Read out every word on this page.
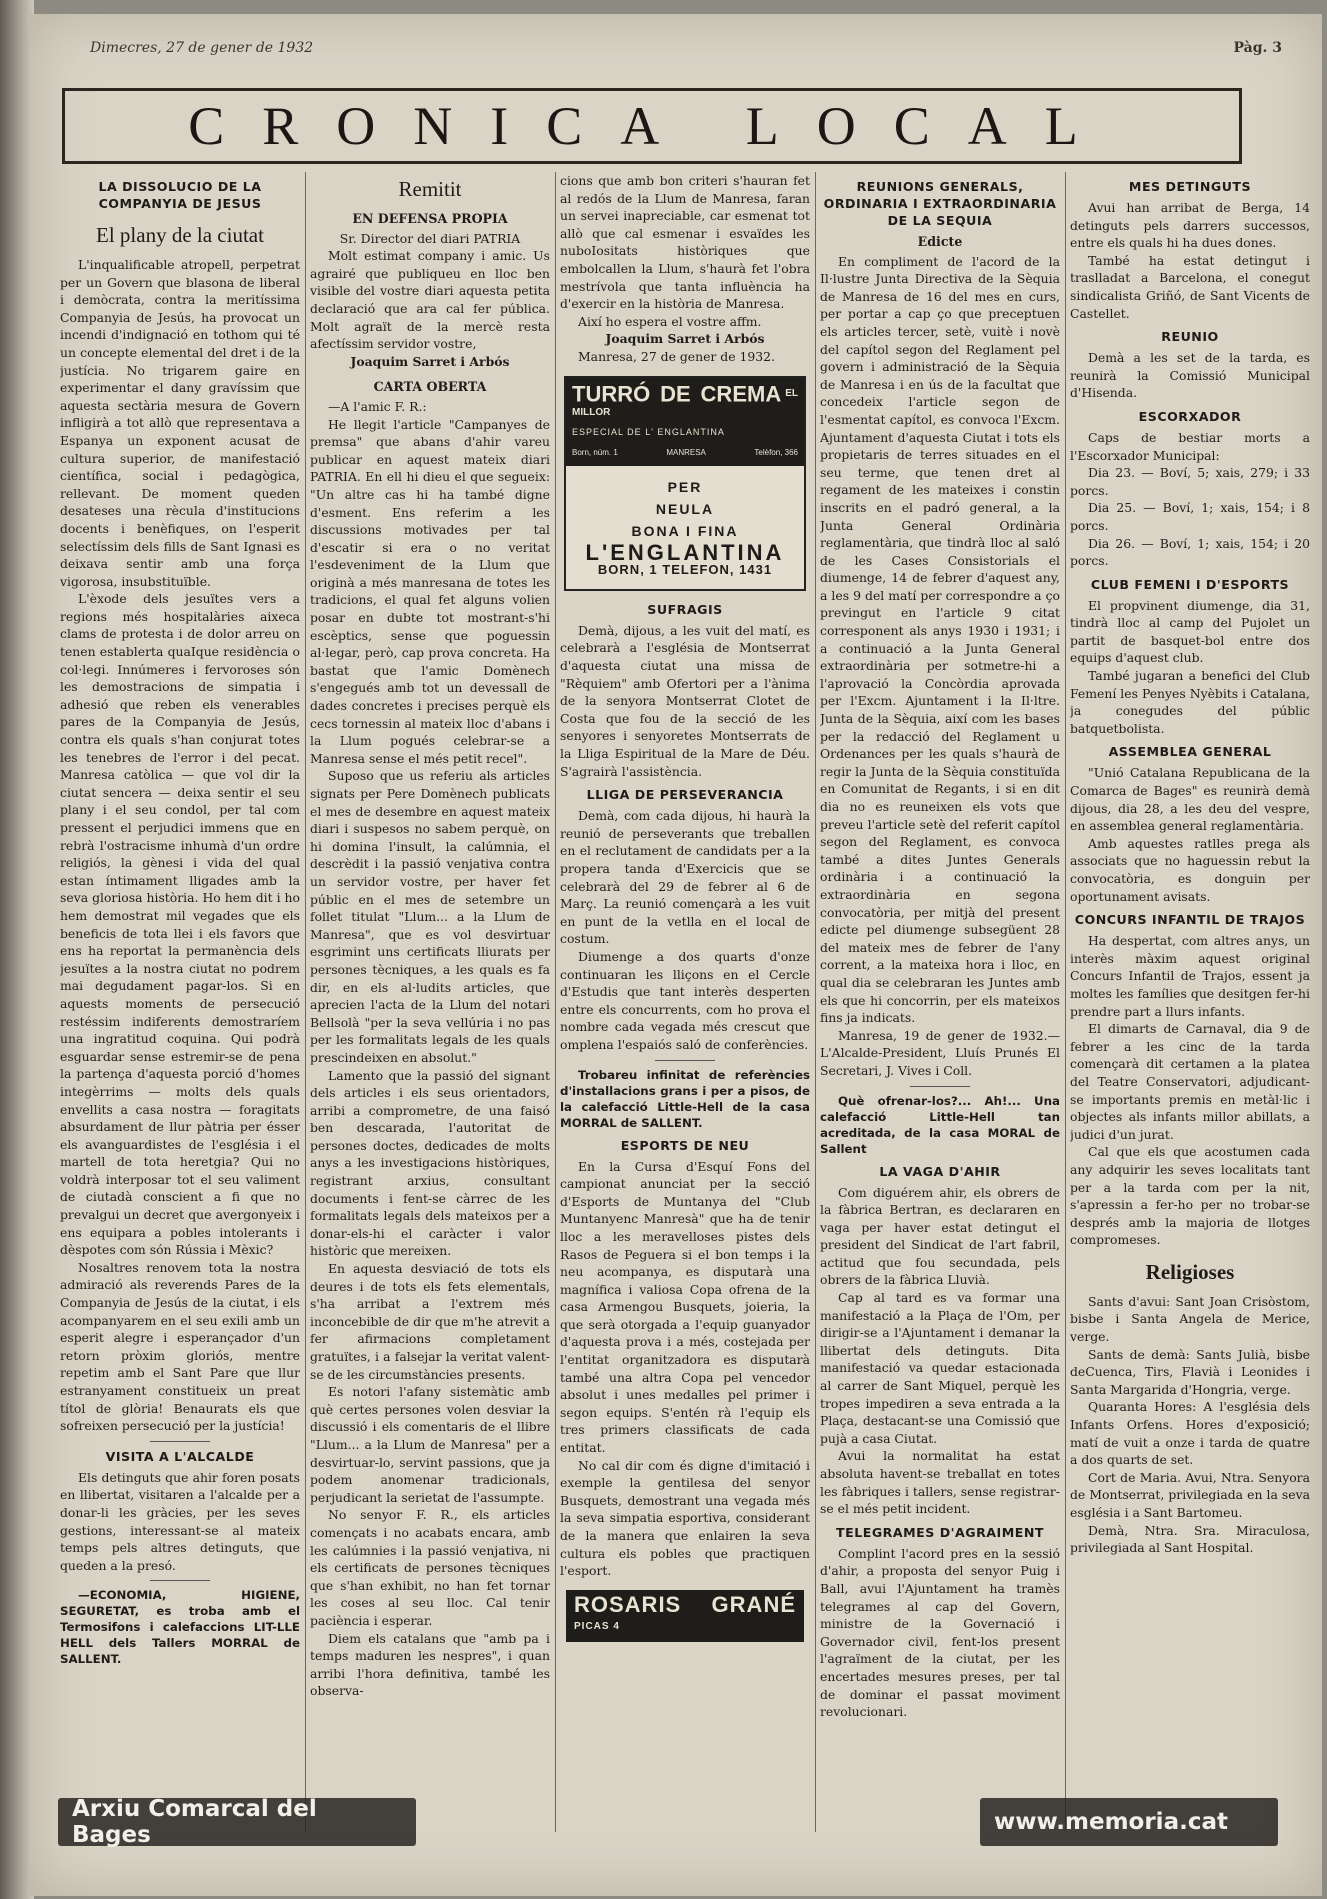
Dimecres, 27 de gener de 1932	Pàg. 3
CRONICA LOCAL
LA DISSOLUCIO DE LA COMPANYIA DE JESUS
El plany de la ciutat

L'inqualificable atropell, perpetrat per un Govern que blasona de liberal i demòcrata, contra la meritíssima Companyia de Jesús, ha provocat un incendi d'indignació en tothom qui té un concepte elemental del dret i de la justícia. No trigarem gaire en experimentar el dany gravíssim que aquesta sectària mesura de Govern infligirà a tot allò que representava a Espanya un exponent acusat de cultura superior, de manifestació científica, social i pedagògica, rellevant. De moment queden desateses una rècula d'institucions docents i benèfiques, on l'esperit selectíssim dels fills de Sant Ignasi es deixava sentir amb una força vigorosa, insubstituïble.

L'èxode dels jesuïtes vers a regions més hospitalàries aixeca clams de protesta i de dolor arreu on tenen establerta quaIque residència o col·legi. Innúmeres i fervoroses són les demostracions de simpatia i adhesió que reben els venerables pares de la Companyia de Jesús, contra els quals s'han conjurat totes les tenebres de l'error i del pecat. Manresa catòlica — que vol dir la ciutat sencera — deixa sentir el seu plany i el seu condol, per tal com pressent el perjudici immens que en rebrà l'ostracisme inhumà d'un ordre religiós, la gènesi i vida del qual estan íntimament lligades amb la seva gloriosa història. Ho hem dit i ho hem demostrat mil vegades que els beneficis de tota llei i els favors que ens ha reportat la permanència dels jesuïtes a la nostra ciutat no podrem mai degudament pagar-los. Si en aquests moments de persecució restéssim indiferents demostraríem una ingratitud coquina. Qui podrà esguardar sense estremir-se de pena la partença d'aquesta porció d'homes integèrrims — molts dels quals envellits a casa nostra — foragitats absurdament de llur pàtria per ésser els avanguardistes de l'església i el martell de tota heretgia? Qui no voldrà interposar tot el seu valiment de ciutadà conscient a fi que no prevalgui un decret que avergonyeix i ens equipara a pobles intolerants i dèspotes com són Rússia i Mèxic?

Nosaltres renovem tota la nostra admiració als reverends Pares de la Companyia de Jesús de la ciutat, i els acompanyarem en el seu exili amb un esperit alegre i esperançador d'un retorn pròxim gloriós, mentre repetim amb el Sant Pare que llur estranyament constitueix un preat títol de glòria! Benaurats els que sofreixen persecució per la justícia!

VISITA A L'ALCALDE

Els detinguts que ahir foren posats en llibertat, visitaren a l'alcalde per a donar-li les gràcies, per les seves gestions, interessant-se al mateix temps pels altres detinguts, que queden a la presó.

—ECONOMIA, HIGIENE, SEGURETAT, es troba amb el Termosifons i calefaccions LIT-LLE HELL dels Tallers MORRAL de SALLENT.

Remitit
EN DEFENSA PROPIA
Sr. Director del diari PATRIA

Molt estimat company i amic. Us agrairé que publiqueu en lloc ben visible del vostre diari aquesta petita declaració que ara cal fer pública. Molt agraït de la mercè resta afectíssim servidor vostre,

Joaquim Sarret i Arbós
CARTA OBERTA

—A l'amic F. R.:

He llegit l'article "Campanyes de premsa" que abans d'ahir vareu publicar en aquest mateix diari PATRIA. En ell hi dieu el que segueix: "Un altre cas hi ha també digne d'esment. Ens referim a les discussions motivades per tal d'escatir si era o no veritat l'esdeveniment de la Llum que originà a més manresana de totes les tradicions, el qual fet alguns volien posar en dubte tot mostrant-s'hi escèptics, sense que poguessin al·legar, però, cap prova concreta. Ha bastat que l'amic Domènech s'engegués amb tot un devessall de dades concretes i precises perquè els cecs tornessin al mateix lloc d'abans i la Llum pogués celebrar-se a Manresa sense el més petit recel".

Suposo que us referiu als articles signats per Pere Domènech publicats el mes de desembre en aquest mateix diari i suspesos no sabem perquè, on hi domina l'insult, la calúmnia, el descrèdit i la passió venjativa contra un servidor vostre, per haver fet públic en el mes de setembre un follet titulat "Llum... a la Llum de Manresa", que es vol desvirtuar esgrimint uns certificats lliurats per persones tècniques, a les quals es fa dir, en els al·ludits articles, que aprecien l'acta de la Llum del notari Bellsolà "per la seva vellúria i no pas per les formalitats legals de les quals prescindeixen en absolut."

Lamento que la passió del signant dels articles i els seus orientadors, arribi a comprometre, de una faisó ben descarada, l'autoritat de persones doctes, dedicades de molts anys a les investigacions històriques, registrant arxius, consultant documents i fent-se càrrec de les formalitats legals dels mateixos per a donar-els-hi el caràcter i valor històric que mereixen.

En aquesta desviació de tots els deures i de tots els fets elementals, s'ha arribat a l'extrem més inconcebible de dir que m'he atrevit a fer afirmacions completament gratuïtes, i a falsejar la veritat valent-se de les circumstàncies presents.

Es notori l'afany sistemàtic amb què certes persones volen desviar la discussió i els comentaris de el llibre "Llum... a la Llum de Manresa" per a desvirtuar-lo, servint passions, que ja podem anomenar tradicionals, perjudicant la serietat de l'assumpte.

No senyor F. R., els articles començats i no acabats encara, amb les calúmnies i la passió venjativa, ni els certificats de persones tècniques que s'han exhibit, no han fet tornar les coses al seu lloc. Cal tenir paciència i esperar.

Diem els catalans que "amb pa i temps maduren les nespres", i quan arribi l'hora definitiva, també les observa-

cions que amb bon criteri s'hauran fet al redós de la Llum de Manresa, faran un servei inapreciable, car esmenat tot allò que cal esmenar i esvaïdes les nuboIositats històriques que embolcallen la Llum, s'haurà fet l'obra mestrívola que tanta influència ha d'exercir en la història de Manresa.

Així ho espera el vostre affm.

Joaquim Sarret i Arbós

Manresa, 27 de gener de 1932.

TURRÓ DE CREMA EL MILLOR
ESPECIAL DE L' ENGLANTINA
Born, núm. 1	MANRESA	Telèfon, 366
PER
NEULA
BONA I FINA
L'ENGLANTINA
BORN, 1 TELEFON, 1431
SUFRAGIS

Demà, dijous, a les vuit del matí, es celebrarà a l'església de Montserrat d'aquesta ciutat una missa de "Rèquiem" amb Ofertori per a l'ànima de la senyora Montserrat Clotet de Costa que fou de la secció de les senyores i senyoretes Montserrats de la Lliga Espiritual de la Mare de Déu. S'agrairà l'assistència.

LLIGA DE PERSEVERANCIA

Demà, com cada dijous, hi haurà la reunió de perseverants que treballen en el reclutament de candidats per a la propera tanda d'Exercicis que se celebrarà del 29 de febrer al 6 de Març. La reunió començarà a les vuit en punt de la vetlla en el local de costum.

Diumenge a dos quarts d'onze continuaran les lliçons en el Cercle d'Estudis que tant interès desperten entre els concurrents, com ho prova el nombre cada vegada més crescut que omplena l'espaiós saló de conferències.

Trobareu infinitat de referències d'installacions grans i per a pisos, de la calefacció Little-Hell de la casa MORRAL de SALLENT.

ESPORTS DE NEU

En la Cursa d'Esquí Fons del campionat anunciat per la secció d'Esports de Muntanya del "Club Muntanyenc Manresà" que ha de tenir lloc a les meravelloses pistes dels Rasos de Peguera si el bon temps i la neu acompanya, es disputarà una magnífica i valiosa Copa ofrena de la casa Armengou Busquets, joieria, la que serà otorgada a l'equip guanyador d'aquesta prova i a més, costejada per l'entitat organitzadora es disputarà també una altra Copa pel vencedor absolut i unes medalles pel primer i segon equips. S'entén rà l'equip els tres primers classificats de cada entitat.

No cal dir com és digne d'imitació i exemple la gentilesa del senyor Busquets, demostrant una vegada més la seva simpatia esportiva, considerant de la manera que enlairen la seva cultura els pobles que practiquen l'esport.

ROSARIS GRANÉ PICAS 4
REUNIONS GENERALS, ORDINARIA I EXTRAORDINARIA DE LA SEQUIA
Edicte

En compliment de l'acord de la Il·lustre Junta Directiva de la Sèquia de Manresa de 16 del mes en curs, per portar a cap ço que preceptuen els articles tercer, setè, vuitè i novè del capítol segon del Reglament pel govern i administració de la Sèquia de Manresa i en ús de la facultat que concedeix l'article segon de l'esmentat capítol, es convoca l'Excm. Ajuntament d'aquesta Ciutat i tots els propietaris de terres situades en el seu terme, que tenen dret al regament de les mateixes i constin inscrits en el padró general, a la Junta General Ordinària reglamentària, que tindrà lloc al saló de les Cases Consistorials el diumenge, 14 de febrer d'aquest any, a les 9 del matí per correspondre a ço previngut en l'article 9 citat corresponent als anys 1930 i 1931; i a continuació a la Junta General extraordinària per sotmetre-hi a l'aprovació la Concòrdia aprovada per l'Excm. Ajuntament i la Il·ltre. Junta de la Sèquia, així com les bases per la redacció del Reglament u Ordenances per les quals s'haurà de regir la Junta de la Sèquia constituïda en Comunitat de Regants, i si en dit dia no es reuneixen els vots que preveu l'article setè del referit capítol segon del Reglament, es convoca també a dites Juntes Generals ordinària i a continuació la extraordinària en segona convocatòria, per mitjà del present edicte pel diumenge subsegüent 28 del mateix mes de febrer de l'any corrent, a la mateixa hora i lloc, en qual dia se celebraran les Juntes amb els que hi concorrin, per els mateixos fins ja indicats.

Manresa, 19 de gener de 1932.— L'Alcalde-President, Lluís Prunés El Secretari, J. Vives i Coll.

Què ofrenar-los?... Ah!... Una calefacció Little-Hell tan acreditada, de la casa MORAL de Sallent

LA VAGA D'AHIR

Com diguérem ahir, els obrers de la fàbrica Bertran, es declararen en vaga per haver estat detingut el president del Sindicat de l'art fabril, actitud que fou secundada, pels obrers de la fàbrica Lluvià.

Cap al tard es va formar una manifestació a la Plaça de l'Om, per dirigir-se a l'Ajuntament i demanar la llibertat dels detinguts. Dita manifestació va quedar estacionada al carrer de Sant Miquel, perquè les tropes impediren a seva entrada a la Plaça, destacant-se una Comissió que pujà a casa Ciutat.

Avui la normalitat ha estat absoluta havent-se treballat en totes les fàbriques i tallers, sense registrar-se el més petit incident.

TELEGRAMES D'AGRAIMENT

Complint l'acord pres en la sessió d'ahir, a proposta del senyor Puig i Ball, avui l'Ajuntament ha tramès telegrames al cap del Govern, ministre de la Governació i Governador civil, fent-los present l'agraïment de la ciutat, per les encertades mesures preses, per tal de dominar el passat moviment revolucionari.

MES DETINGUTS

Avui han arribat de Berga, 14 detinguts pels darrers successos, entre els quals hi ha dues dones.

També ha estat detingut i traslladat a Barcelona, el conegut sindicalista Griñó, de Sant Vicents de Castellet.

REUNIO

Demà a les set de la tarda, es reunirà la Comissió Municipal d'Hisenda.

ESCORXADOR

Caps de bestiar morts a l'Escorxador Municipal:

Dia 23. — Boví, 5; xais, 279; i 33 porcs.

Dia 25. — Boví, 1; xais, 154; i 8 porcs.

Dia 26. — Boví, 1; xais, 154; i 20 porcs.

CLUB FEMENI I D'ESPORTS

El propvinent diumenge, dia 31, tindrà lloc al camp del Pujolet un partit de basquet-bol entre dos equips d'aquest club.

També jugaran a benefici del Club Femení les Penyes Nyèbits i Catalana, ja conegudes del públic batquetbolista.

ASSEMBLEA GENERAL

"Unió Catalana Republicana de la Comarca de Bages" es reunirà demà dijous, dia 28, a les deu del vespre, en assemblea general reglamentària.

Amb aquestes ratlles prega als associats que no haguessin rebut la convocatòria, es donguin per oportunament avisats.

CONCURS INFANTIL DE TRAJOS

Ha despertat, com altres anys, un interès màxim aquest original Concurs Infantil de Trajos, essent ja moltes les famílies que desitgen fer-hi prendre part a llurs infants.

El dimarts de Carnaval, dia 9 de febrer a les cinc de la tarda començarà dit certamen a la platea del Teatre Conservatori, adjudicant-se importants premis en metàl·lic i objectes als infants millor abillats, a judici d'un jurat.

Cal que els que acostumen cada any adquirir les seves localitats tant per a la tarda com per la nit, s'apressin a fer-ho per no trobar-se després amb la majoria de llotges compromeses.

Religioses

Sants d'avui: Sant Joan Crisòstom, bisbe i Santa Angela de Merice, verge.

Sants de demà: Sants Julià, bisbe deCuenca, Tirs, Flavià i Leonides i Santa Margarida d'Hongria, verge.

Quaranta Hores: A l'església dels Infants Orfens. Hores d'exposició; matí de vuit a onze i tarda de quatre a dos quarts de set.

Cort de Maria. Avui, Ntra. Senyora de Montserrat, privilegiada en la seva església i a Sant Bartomeu.

Demà, Ntra. Sra. Miraculosa, privilegiada al Sant Hospital.

Arxiu Comarcal del Bages	www.memoria.cat
